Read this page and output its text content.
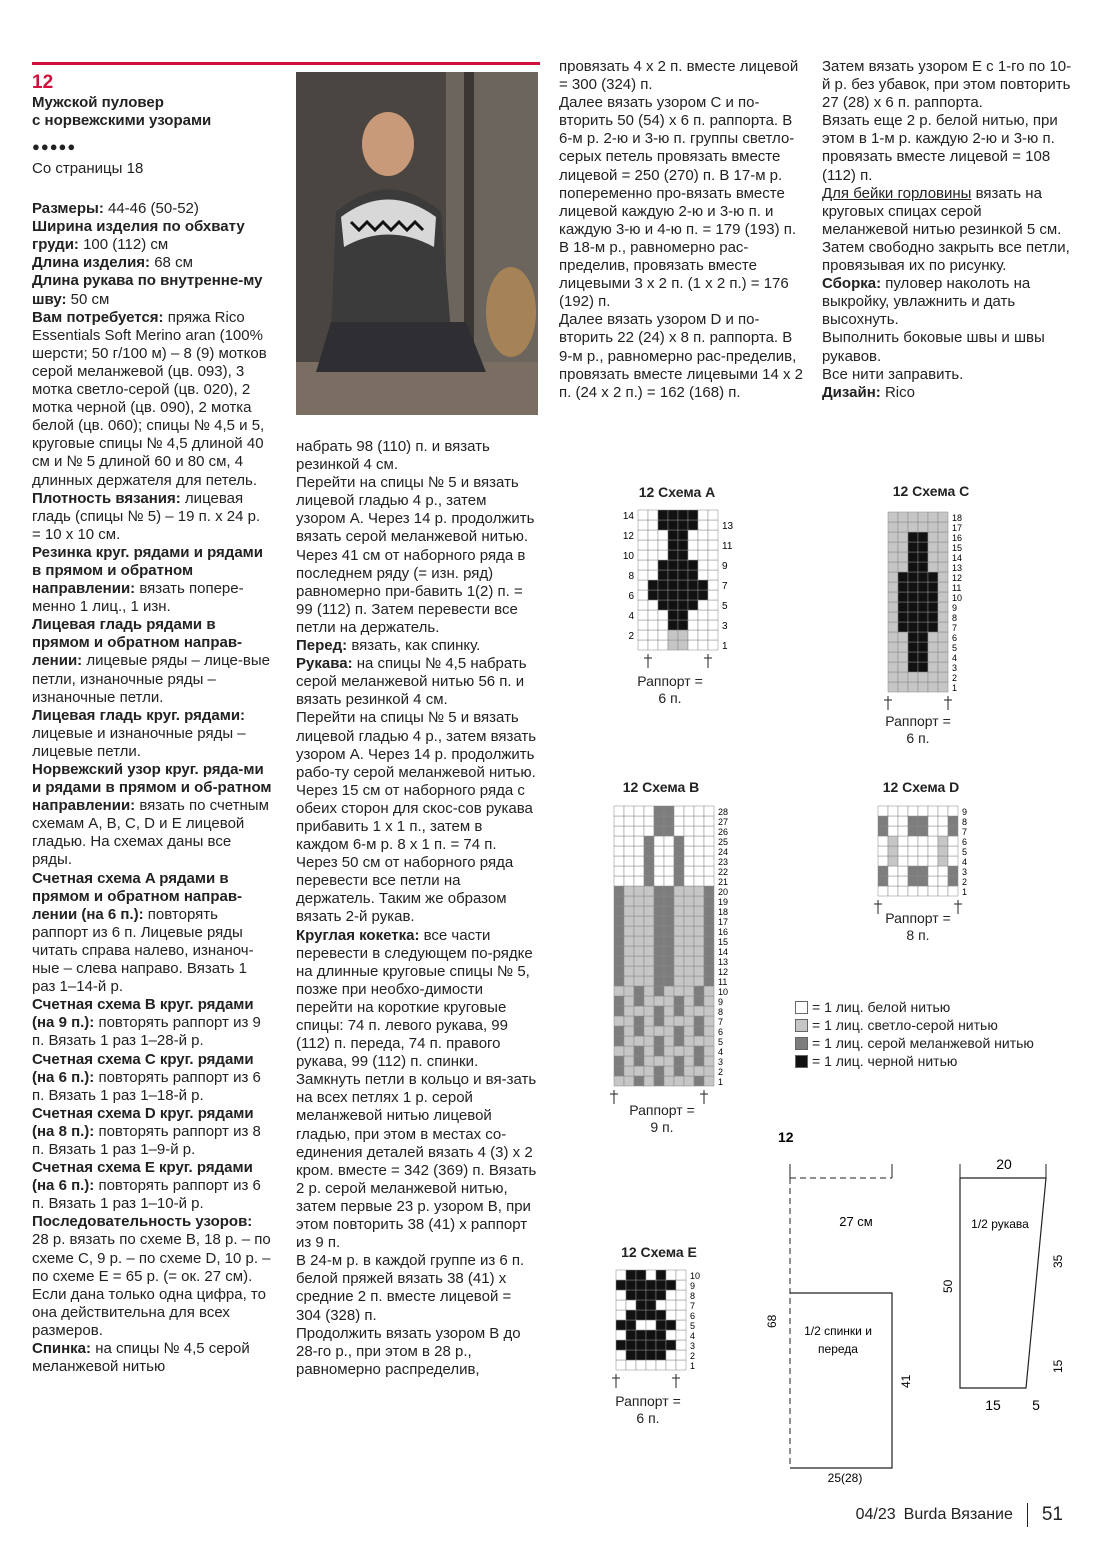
12
Мужской пуловер
с норвежскими узорами
●●●●●
Со страницы 18

Размеры: 44-46 (50-52)

Ширина изделия по обхвату груди: 100 (112) см

Длина изделия: 68 см

Длина рукава по внутренне-му шву: 50 см

Вам потребуется: пряжа Rico Essentials Soft Merino aran (100% шерсти; 50 г/100 м) – 8 (9) мотков серой меланжевой (цв. 093), 3 мотка светло-серой (цв. 020), 2 мотка черной (цв. 090), 2 мотка белой (цв. 060); спицы № 4,5 и 5, круговые спицы № 4,5 длиной 40 см и № 5 длиной 60 и 80 см, 4 длинных держателя для петель.

Плотность вязания: лицевая гладь (спицы № 5) – 19 п. х 24 р. = 10 х 10 см.

Резинка круг. рядами и рядами в прямом и обратном направлении: вязать попере-менно 1 лиц., 1 изн.

Лицевая гладь рядами в прямом и обратном направ-лении: лицевые ряды – лице-вые петли, изнаночные ряды – изнаночные петли.

Лицевая гладь круг. рядами: лицевые и изнаночные ряды – лицевые петли.

Норвежский узор круг. рядa-ми и рядами в прямом и об-ратном направлении: вязать по счетным схемам A, B, C, D и E лицевой гладью. На схемах даны все ряды.

Счетная схема A рядами в прямом и обратном направ-лении (на 6 п.): повторять раппорт из 6 п. Лицевые ряды читать справа налево, изнаноч-ные – слева направо. Вязать 1 раз 1–14-й р.

Счетная схема B круг. рядами (на 9 п.): повторять раппорт из 9 п. Вязать 1 раз 1–28-й р.

Счетная схема C круг. рядами (на 6 п.): повторять раппорт из 6 п. Вязать 1 раз 1–18-й р.

Счетная схема D круг. рядами (на 8 п.): повторять раппорт из 8 п. Вязать 1 раз 1–9-й р.

Счетная схема E круг. рядами (на 6 п.): повторять раппорт из 6 п. Вязать 1 раз 1–10-й р.

Последовательность узоров: 28 р. вязать по схеме B, 18 р. – по схеме C, 9 р. – по схеме D, 10 р. – по схеме E = 65 р. (= ок. 27 см).

Если дана только одна цифра, то она действительна для всех размеров.

Спинка: на спицы № 4,5 серой меланжевой нитью

набрать 98 (110) п. и вязать резинкой 4 см.

Перейти на спицы № 5 и вязать лицевой гладью 4 р., затем узором A. Через 14 р. продолжить вязать серой меланжевой нитью.

Через 41 см от наборного ряда в последнем ряду (= изн. ряд) равномерно при-бавить 1(2) п. = 99 (112) п. Затем перевести все петли на держатель.

Перед: вязать, как спинку.

Рукава: на спицы № 4,5 набрать серой меланжевой нитью 56 п. и вязать резинкой 4 см.

Перейти на спицы № 5 и вязать лицевой гладью 4 р., затем вязать узором A. Через 14 р. продолжить рабо-ту серой меланжевой нитью.

Через 15 см от наборного ряда с обеих сторон для скос-сов рукава прибавить 1 х 1 п., затем в каждом 6-м р. 8 х 1 п. = 74 п.

Через 50 см от наборного ряда перевести все петли на держатель. Таким же образом вязать 2-й рукав.

Круглая кокетка: все части перевести в следующем по-рядке на длинные круговые спицы № 5, позже при необхо-димости перейти на короткие круговые спицы: 74 п. левого рукава, 99 (112) п. переда, 74 п. правого рукава, 99 (112) п. спинки.

Замкнуть петли в кольцо и вя-зать на всех петлях 1 р. серой меланжевой нитью лицевой гладью, при этом в местах со-единения деталей вязать 4 (3) х 2 кром. вместе = 342 (369) п. Вязать 2 р. серой меланжевой нитью, затем первые 23 р. узором B, при этом повторить 38 (41) х раппорт из 9 п.

В 24-м р. в каждой группе из 6 п. белой пряжей вязать 38 (41) х средние 2 п. вместе лицевой = 304 (328) п.

Продолжить вязать узором B до 28-го р., при этом в 28 р., равномерно распределив,

провязать 4 х 2 п. вместе лицевой = 300 (324) п.

Далее вязать узором C и по-вторить 50 (54) х 6 п. раппорта. В 6-м р. 2-ю и 3-ю п. группы светло-серых петель провязать вместе лицевой = 250 (270) п. В 17-м р. попеременно про-вязать вместе лицевой каждую 2-ю и 3-ю п. и каждую 3-ю и 4-ю п. = 179 (193) п.

В 18-м р., равномерно рас-пределив, провязать вместе лицевыми 3 х 2 п. (1 х 2 п.) = 176 (192) п.

Далее вязать узором D и по-вторить 22 (24) х 8 п. раппорта. В 9-м р., равномерно рас-пределив, провязать вместе лицевыми 14 х 2 п. (24 х 2 п.) = 162 (168) п.

Затем вязать узором E с 1-го по 10-й р. без убавок, при этом повторить 27 (28) х 6 п. раппорта.

Вязать еще 2 р. белой нитью, при этом в 1-м р. каждую 2-ю и 3-ю п. провязать вместе лицевой = 108 (112) п.

Для бейки горловины вязать на круговых спицах серой меланжевой нитью резинкой 5 см. Затем свободно закрыть все петли, провязывая их по рисунку.

Сборка: пуловер наколоть на выкройку, увлажнить и дать высохнуть.

Выполнить боковые швы и швы рукавов.

Все нити заправить.

Дизайн: Rico

12 Схема A
1
3
5
7
9
11
13
2
4
6
8
10
12
14
Раппорт =
6 п.
12 Схема C
1
2
3
4
5
6
7
8
9
10
11
12
13
14
15
16
17
18
Раппорт =
6 п.
12 Схема B
1
2
3
4
5
6
7
8
9
10
11
12
13
14
15
16
17
18
19
20
21
22
23
24
25
26
27
28
Раппорт =
9 п.
12 Схема D
1
2
3
4
5
6
7
8
9
Раппорт =
8 п.
12 Схема E
1
2
3
4
5
6
7
8
9
10
Раппорт =
6 п.
= 1 лиц. белой нитью
= 1 лиц. светло-серой нитью
= 1 лиц. серой меланжевой нитью
= 1 лиц. черной нитью
12
27 см
1/2 спинки и
переда
68
41
25(28)
20
1/2 рукава
50
35
15
15 5
04/23 Burda Вязание 51
